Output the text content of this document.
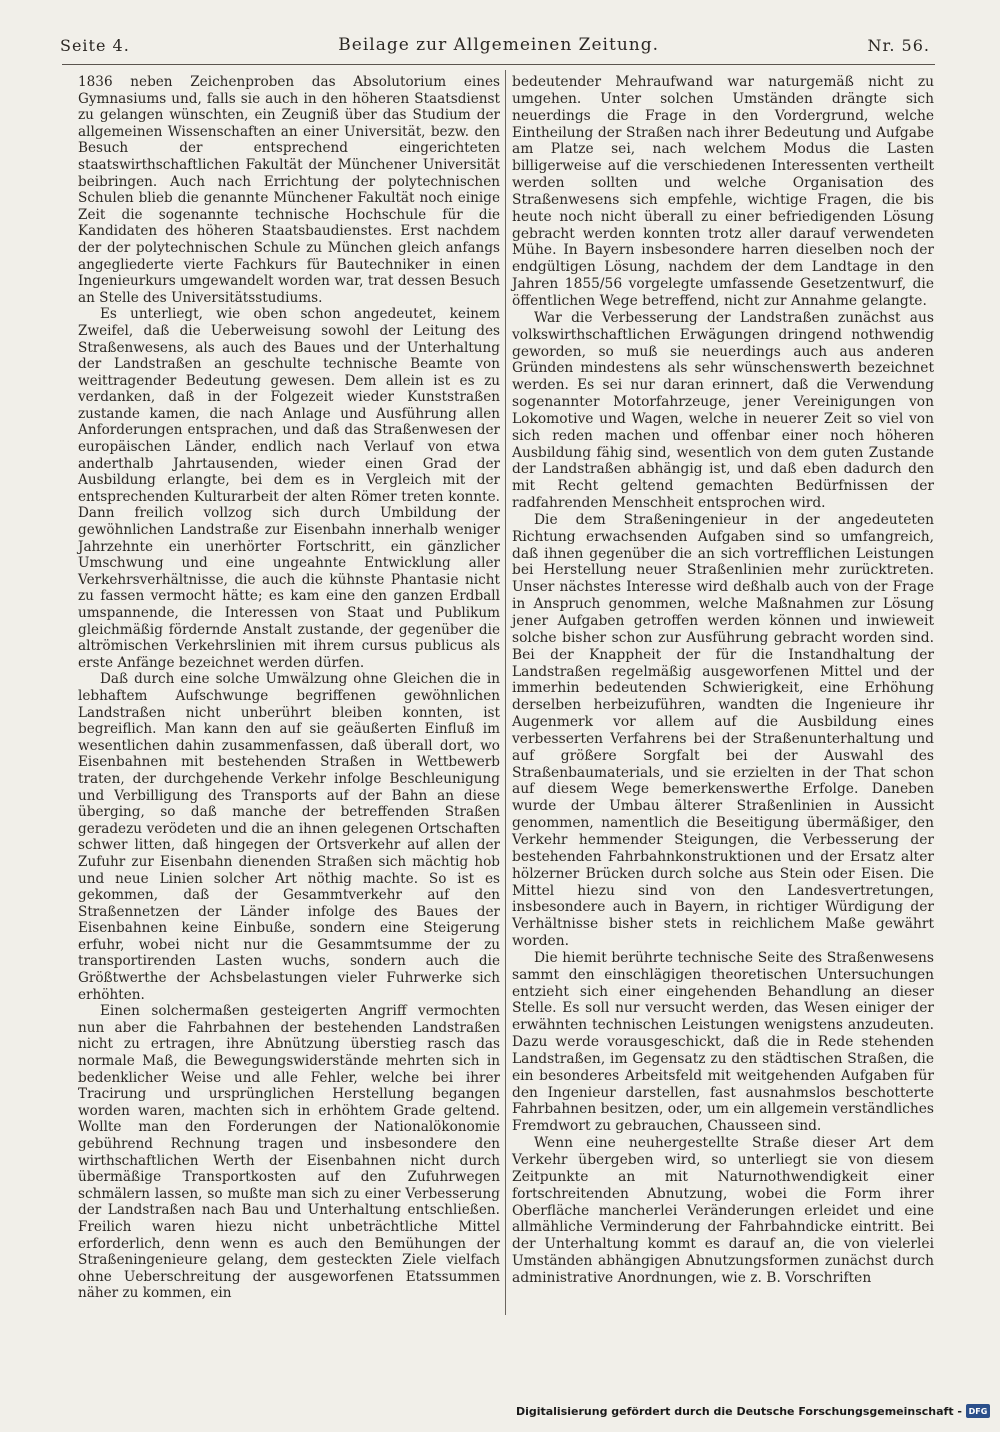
Seite 4.	Beilage zur Allgemeinen Zeitung.	Nr. 56.

1836 neben Zeichenproben das Absolutorium eines Gymnasiums und, falls sie auch in den höheren Staatsdienst zu gelangen wünschten, ein Zeugniß über das Studium der allgemeinen Wissenschaften an einer Universität, bezw. den Besuch der entsprechend eingerichteten staatswirthschaftlichen Fakultät der Münchener Universität beibringen. Auch nach Errichtung der polytechnischen Schulen blieb die genannte Münchener Fakultät noch einige Zeit die sogenannte technische Hochschule für die Kandidaten des höheren Staatsbaudienstes. Erst nachdem der der polytechnischen Schule zu München gleich anfangs angegliederte vierte Fachkurs für Bautechniker in einen Ingenieurkurs umgewandelt worden war, trat dessen Besuch an Stelle des Universitätsstudiums.

Es unterliegt, wie oben schon angedeutet, keinem Zweifel, daß die Ueberweisung sowohl der Leitung des Straßenwesens, als auch des Baues und der Unterhaltung der Landstraßen an geschulte technische Beamte von weittragender Bedeutung gewesen. Dem allein ist es zu verdanken, daß in der Folgezeit wieder Kunststraßen zustande kamen, die nach Anlage und Ausführung allen Anforderungen entsprachen, und daß das Straßenwesen der europäischen Länder, endlich nach Verlauf von etwa anderthalb Jahrtausenden, wieder einen Grad der Ausbildung erlangte, bei dem es in Vergleich mit der entsprechenden Kulturarbeit der alten Römer treten konnte. Dann freilich vollzog sich durch Umbildung der gewöhnlichen Landstraße zur Eisenbahn innerhalb weniger Jahrzehnte ein unerhörter Fortschritt, ein gänzlicher Umschwung und eine ungeahnte Entwicklung aller Verkehrsverhältnisse, die auch die kühnste Phantasie nicht zu fassen vermocht hätte; es kam eine den ganzen Erdball umspannende, die Interessen von Staat und Publikum gleichmäßig fördernde Anstalt zustande, der gegenüber die altrömischen Verkehrslinien mit ihrem cursus publicus als erste Anfänge bezeichnet werden dürfen.

Daß durch eine solche Umwälzung ohne Gleichen die in lebhaftem Aufschwunge begriffenen gewöhnlichen Landstraßen nicht unberührt bleiben konnten, ist begreiflich. Man kann den auf sie geäußerten Einfluß im wesentlichen dahin zusammenfassen, daß überall dort, wo Eisenbahnen mit bestehenden Straßen in Wettbewerb traten, der durchgehende Verkehr infolge Beschleunigung und Verbilligung des Transports auf der Bahn an diese überging, so daß manche der betreffenden Straßen geradezu verödeten und die an ihnen gelegenen Ortschaften schwer litten, daß hingegen der Ortsverkehr auf allen der Zufuhr zur Eisenbahn dienenden Straßen sich mächtig hob und neue Linien solcher Art nöthig machte. So ist es gekommen, daß der Gesammtverkehr auf den Straßennetzen der Länder infolge des Baues der Eisenbahnen keine Einbuße, sondern eine Steigerung erfuhr, wobei nicht nur die Gesammtsumme der zu transportirenden Lasten wuchs, sondern auch die Größtwerthe der Achsbelastungen vieler Fuhrwerke sich erhöhten.

Einen solchermaßen gesteigerten Angriff vermochten nun aber die Fahrbahnen der bestehenden Landstraßen nicht zu ertragen, ihre Abnützung überstieg rasch das normale Maß, die Bewegungswiderstände mehrten sich in bedenklicher Weise und alle Fehler, welche bei ihrer Tracirung und ursprünglichen Herstellung begangen worden waren, machten sich in erhöhtem Grade geltend. Wollte man den Forderungen der Nationalökonomie gebührend Rechnung tragen und insbesondere den wirthschaftlichen Werth der Eisenbahnen nicht durch übermäßige Transportkosten auf den Zufuhrwegen schmälern lassen, so mußte man sich zu einer Verbesserung der Landstraßen nach Bau und Unterhaltung entschließen. Freilich waren hiezu nicht unbeträchtliche Mittel erforderlich, denn wenn es auch den Bemühungen der Straßeningenieure gelang, dem gesteckten Ziele vielfach ohne Ueberschreitung der ausgeworfenen Etatssummen näher zu kommen, ein

bedeutender Mehraufwand war naturgemäß nicht zu umgehen. Unter solchen Umständen drängte sich neuerdings die Frage in den Vordergrund, welche Eintheilung der Straßen nach ihrer Bedeutung und Aufgabe am Platze sei, nach welchem Modus die Lasten billigerweise auf die verschiedenen Interessenten vertheilt werden sollten und welche Organisation des Straßenwesens sich empfehle, wichtige Fragen, die bis heute noch nicht überall zu einer befriedigenden Lösung gebracht werden konnten trotz aller darauf verwendeten Mühe. In Bayern insbesondere harren dieselben noch der endgültigen Lösung, nachdem der dem Landtage in den Jahren 1855/56 vorgelegte umfassende Gesetzentwurf, die öffentlichen Wege betreffend, nicht zur Annahme gelangte.

War die Verbesserung der Landstraßen zunächst aus volkswirthschaftlichen Erwägungen dringend nothwendig geworden, so muß sie neuerdings auch aus anderen Gründen mindestens als sehr wünschenswerth bezeichnet werden. Es sei nur daran erinnert, daß die Verwendung sogenannter Motorfahrzeuge, jener Vereinigungen von Lokomotive und Wagen, welche in neuerer Zeit so viel von sich reden machen und offenbar einer noch höheren Ausbildung fähig sind, wesentlich von dem guten Zustande der Landstraßen abhängig ist, und daß eben dadurch den mit Recht geltend gemachten Bedürfnissen der radfahrenden Menschheit entsprochen wird.

Die dem Straßeningenieur in der angedeuteten Richtung erwachsenden Aufgaben sind so umfangreich, daß ihnen gegenüber die an sich vortrefflichen Leistungen bei Herstellung neuer Straßenlinien mehr zurücktreten. Unser nächstes Interesse wird deßhalb auch von der Frage in Anspruch genommen, welche Maßnahmen zur Lösung jener Aufgaben getroffen werden können und inwieweit solche bisher schon zur Ausführung gebracht worden sind. Bei der Knappheit der für die Instandhaltung der Landstraßen regelmäßig ausgeworfenen Mittel und der immerhin bedeutenden Schwierigkeit, eine Erhöhung derselben herbeizuführen, wandten die Ingenieure ihr Augenmerk vor allem auf die Ausbildung eines verbesserten Verfahrens bei der Straßenunterhaltung und auf größere Sorgfalt bei der Auswahl des Straßenbaumaterials, und sie erzielten in der That schon auf diesem Wege bemerkenswerthe Erfolge. Daneben wurde der Umbau älterer Straßenlinien in Aussicht genommen, namentlich die Beseitigung übermäßiger, den Verkehr hemmender Steigungen, die Verbesserung der bestehenden Fahrbahnkonstruktionen und der Ersatz alter hölzerner Brücken durch solche aus Stein oder Eisen. Die Mittel hiezu sind von den Landesvertretungen, insbesondere auch in Bayern, in richtiger Würdigung der Verhältnisse bisher stets in reichlichem Maße gewährt worden.

Die hiemit berührte technische Seite des Straßenwesens sammt den einschlägigen theoretischen Untersuchungen entzieht sich einer eingehenden Behandlung an dieser Stelle. Es soll nur versucht werden, das Wesen einiger der erwähnten technischen Leistungen wenigstens anzudeuten. Dazu werde vorausgeschickt, daß die in Rede stehenden Landstraßen, im Gegensatz zu den städtischen Straßen, die ein besonderes Arbeitsfeld mit weitgehenden Aufgaben für den Ingenieur darstellen, fast ausnahmslos beschotterte Fahrbahnen besitzen, oder, um ein allgemein verständliches Fremdwort zu gebrauchen, Chausseen sind.

Wenn eine neuhergestellte Straße dieser Art dem Verkehr übergeben wird, so unterliegt sie von diesem Zeitpunkte an mit Naturnothwendigkeit einer fortschreitenden Abnutzung, wobei die Form ihrer Oberfläche mancherlei Veränderungen erleidet und eine allmähliche Verminderung der Fahrbahndicke eintritt. Bei der Unterhaltung kommt es darauf an, die von vielerlei Umständen abhängigen Abnutzungsformen zunächst durch administrative Anordnungen, wie z. B. Vorschriften

Digitalisierung gefördert durch die Deutsche Forschungsgemeinschaft - DFG
